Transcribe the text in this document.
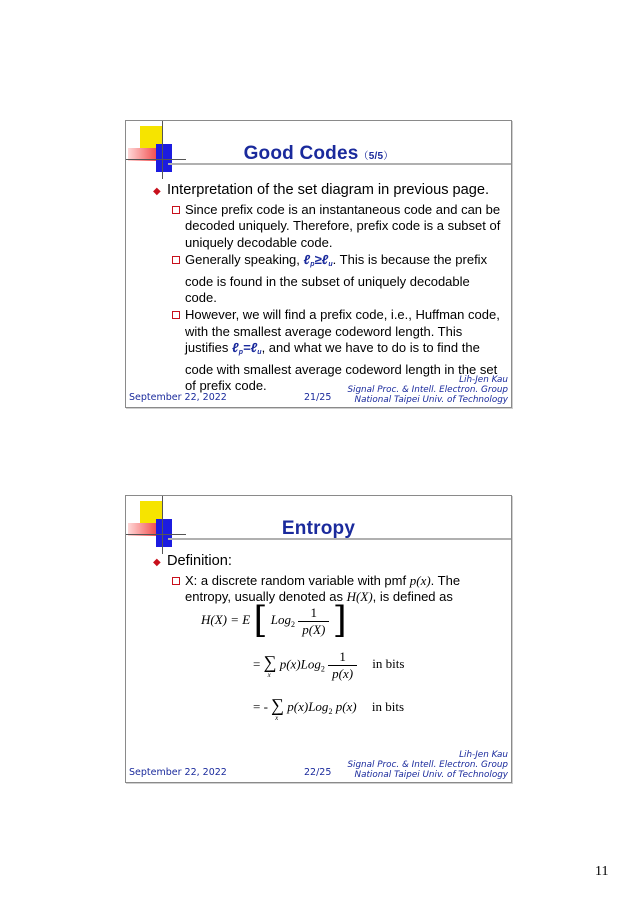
Good Codes（5/5）
◆ Interpretation of the set diagram in previous page.
Since prefix code is an instantaneous code and can be decoded uniquely. Therefore, prefix code is a subset of uniquely decodable code.
Generally speaking, ℓ$_p$≥ℓ$_u$. This is because the prefix code is found in the subset of uniquely decodable code.
However, we will find a prefix code, i.e., Huffman code, with the smallest average codeword length. This justifies ℓ$_p$=ℓ$_u$, and what we have to do is to find the code with smallest average codeword length in the set of prefix code.
September 22, 2022	21/25
Lih-Jen Kau
Signal Proc. & Intell. Electron. Group
National Taipei Univ. of Technology
Entropy
◆ Definition:
X: a discrete random variable with pmf p(x). The entropy, usually denoted as H(X), is defined as
H(X) = E [ $Log_2 \frac{1}{p(X)}$ ]
= ∑
x
$p(x)Log_2 \frac{1}{p(x)}$ in bits
= - ∑
x
p(x)Log$_2$ p(x) in bits
September 22, 2022	22/25
Lih-Jen Kau
Signal Proc. & Intell. Electron. Group
National Taipei Univ. of Technology
11
